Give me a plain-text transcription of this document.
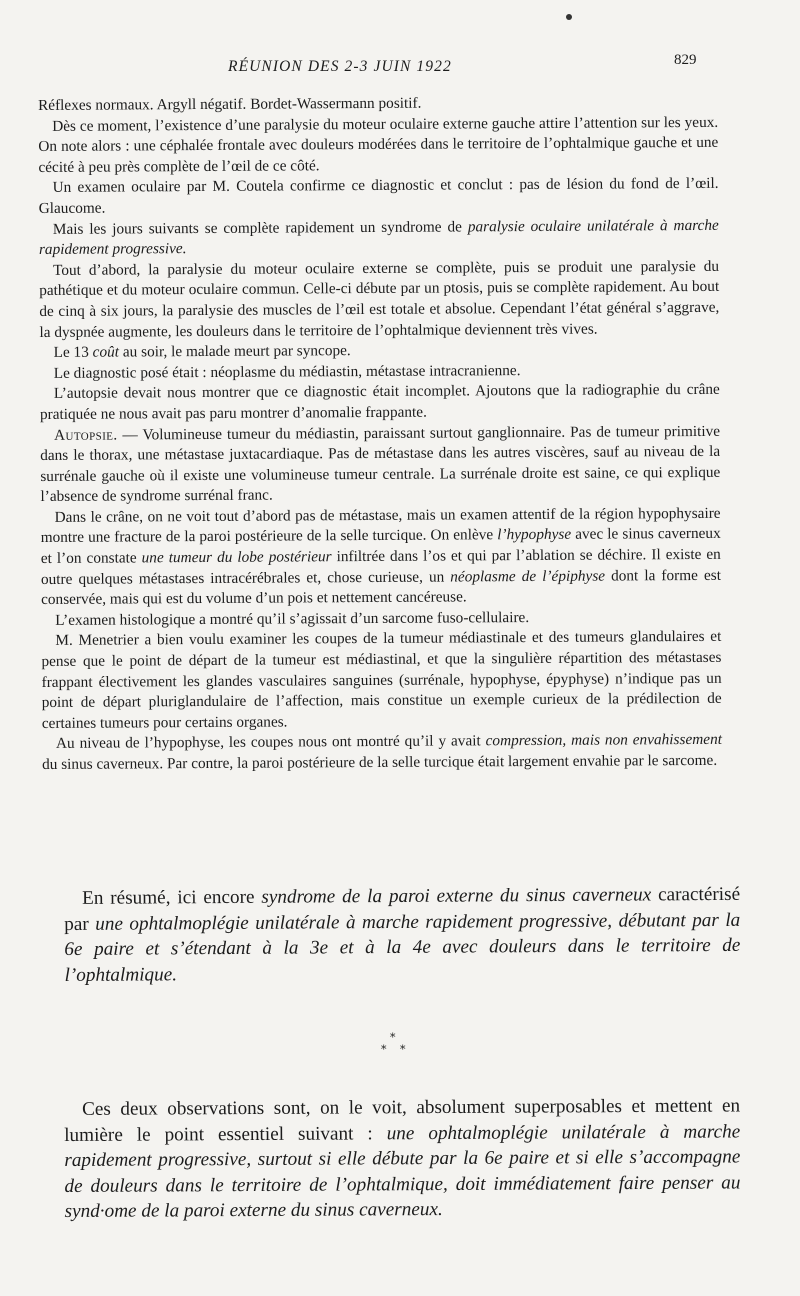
RÉUNION DES 2-3 JUIN 1922	829

Réflexes normaux. Argyll négatif. Bordet-Wassermann positif.

Dès ce moment, l’existence d’une paralysie du moteur oculaire externe gauche attire l’attention sur les yeux. On note alors : une céphalée frontale avec douleurs modérées dans le territoire de l’ophtalmique gauche et une cécité à peu près complète de l’œil de ce côté.

Un examen oculaire par M. Coutela confirme ce diagnostic et conclut : pas de lésion du fond de l’œil. Glaucome.

Mais les jours suivants se complète rapidement un syndrome de paralysie oculaire unilatérale à marche rapidement progressive.

Tout d’abord, la paralysie du moteur oculaire externe se complète, puis se produit une paralysie du pathétique et du moteur oculaire commun. Celle-ci débute par un ptosis, puis se complète rapidement. Au bout de cinq à six jours, la paralysie des muscles de l’œil est totale et absolue. Cependant l’état général s’aggrave, la dyspnée augmente, les douleurs dans le territoire de l’ophtalmique deviennent très vives.

Le 13 coût au soir, le malade meurt par syncope.

Le diagnostic posé était : néoplasme du médiastin, métastase intracranienne.

L’autopsie devait nous montrer que ce diagnostic était incomplet. Ajoutons que la radiographie du crâne pratiquée ne nous avait pas paru montrer d’anomalie frappante.

Autopsie. — Volumineuse tumeur du médiastin, paraissant surtout ganglionnaire. Pas de tumeur primitive dans le thorax, une métastase juxtacardiaque. Pas de métastase dans les autres viscères, sauf au niveau de la surrénale gauche où il existe une volumineuse tumeur centrale. La surrénale droite est saine, ce qui explique l’absence de syndrome surrénal franc.

Dans le crâne, on ne voit tout d’abord pas de métastase, mais un examen attentif de la région hypophysaire montre une fracture de la paroi postérieure de la selle turcique. On enlève l’hypophyse avec le sinus caverneux et l’on constate une tumeur du lobe postérieur infiltrée dans l’os et qui par l’ablation se déchire. Il existe en outre quelques métastases intracérébrales et, chose curieuse, un néoplasme de l’épiphyse dont la forme est conservée, mais qui est du volume d’un pois et nettement cancéreuse.

L’examen histologique a montré qu’il s’agissait d’un sarcome fuso-cellulaire.

M. Menetrier a bien voulu examiner les coupes de la tumeur médiastinale et des tumeurs glandulaires et pense que le point de départ de la tumeur est médiastinal, et que la singulière répartition des métastases frappant électivement les glandes vasculaires sanguines (surrénale, hypophyse, épyphyse) n’indique pas un point de départ pluriglandulaire de l’affection, mais constitue un exemple curieux de la prédilection de certaines tumeurs pour certains organes.

Au niveau de l’hypophyse, les coupes nous ont montré qu’il y avait compression, mais non envahissement du sinus caverneux. Par contre, la paroi postérieure de la selle turcique était largement envahie par le sarcome.

En résumé, ici encore syndrome de la paroi externe du sinus caverneux caractérisé par une ophtalmoplégie unilatérale à marche rapidement progressive, débutant par la 6e paire et s’étendant à la 3e et à la 4e avec douleurs dans le territoire de l’ophtalmique.

*
* *

Ces deux observations sont, on le voit, absolument superposables et mettent en lumière le point essentiel suivant : une ophtalmoplégie unilatérale à marche rapidement progressive, surtout si elle débute par la 6e paire et si elle s’accompagne de douleurs dans le territoire de l’ophtalmique, doit immédiatement faire penser au synd·ome de la paroi externe du sinus caverneux.
